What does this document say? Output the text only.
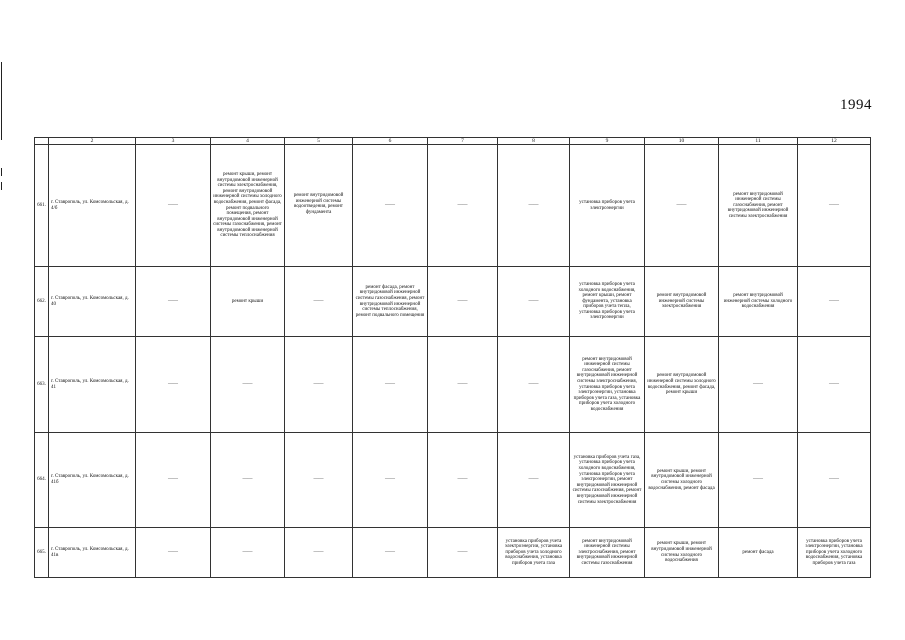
1994
	2	3	4	5	6	7	8	9	10	11	12
661.	г. Ставрополь, ул. Комсомольская, д. 4/б	——	ремонт крыши, ремонт внутридомовой инженерной системы электроснабжения, ремонт внутридомовой инженерной системы холодного водоснабжения, ремонт фасада, ремонт подвального помещения, ремонт внутридомовой инженерной системы газоснабжения, ремонт внутридомовой инженерной системы теплоснабжения	ремонт внутридомовой инженерной системы водоотведения, ремонт фундамента	——	——	——	установка приборов учета электроэнергии	——	ремонт внутридомовой инженерной системы газоснабжения, ремонт внутридомовой инженерной системы электроснабжения	——
662.	г. Ставрополь, ул. Комсомольская, д. 40	——	ремонт крыши	——	ремонт фасада, ремонт внутридомовой инженерной системы газоснабжения, ремонт внутридомовой инженерной системы теплоснабжения, ремонт подвального помещения	——	——	установка приборов учета холодного водоснабжения, ремонт крыши, ремонт фундамента, установка приборов учета тепла, установка приборов учета электроэнергии	ремонт внутридомовой инженерной системы электроснабжения	ремонт внутридомовой инженерной системы холодного водоснабжения	——
663.	г. Ставрополь, ул. Комсомольская, д. 41	——	——	——	——	——	——	ремонт внутридомовой инженерной системы газоснабжения, ремонт внутридомовой инженерной системы электроснабжения, установка приборов учета электроэнергии, установка приборов учета газа, установка приборов учета холодного водоснабжения	ремонт внутридомовой инженерной системы холодного водоснабжения, ремонт фасада, ремонт крыши	——	——
664.	г. Ставрополь, ул. Комсомольская, д. 41б	——	——	——	——	——	——	установка приборов учета газа, установка приборов учета холодного водоснабжения, установка приборов учета электроэнергии, ремонт внутридомовой инженерной системы газоснабжения, ремонт внутридомовой инженерной системы электроснабжения	ремонт крыши, ремонт внутридомовой инженерной системы холодного водоснабжения, ремонт фасада	——	——
665.	г. Ставрополь, ул. Комсомольская, д. 41в	——	——	——	——	——	установка приборов учета электроэнергии, установка приборов учета холодного водоснабжения, установка приборов учета газа	ремонт внутридомовой инженерной системы электроснабжения, ремонт внутридомовой инженерной системы газоснабжения	ремонт крыши, ремонт внутридомовой инженерной системы холодного водоснабжения	ремонт фасада	установка приборов учета электроэнергии, установка приборов учета холодного водоснабжения, установка приборов учета газа
